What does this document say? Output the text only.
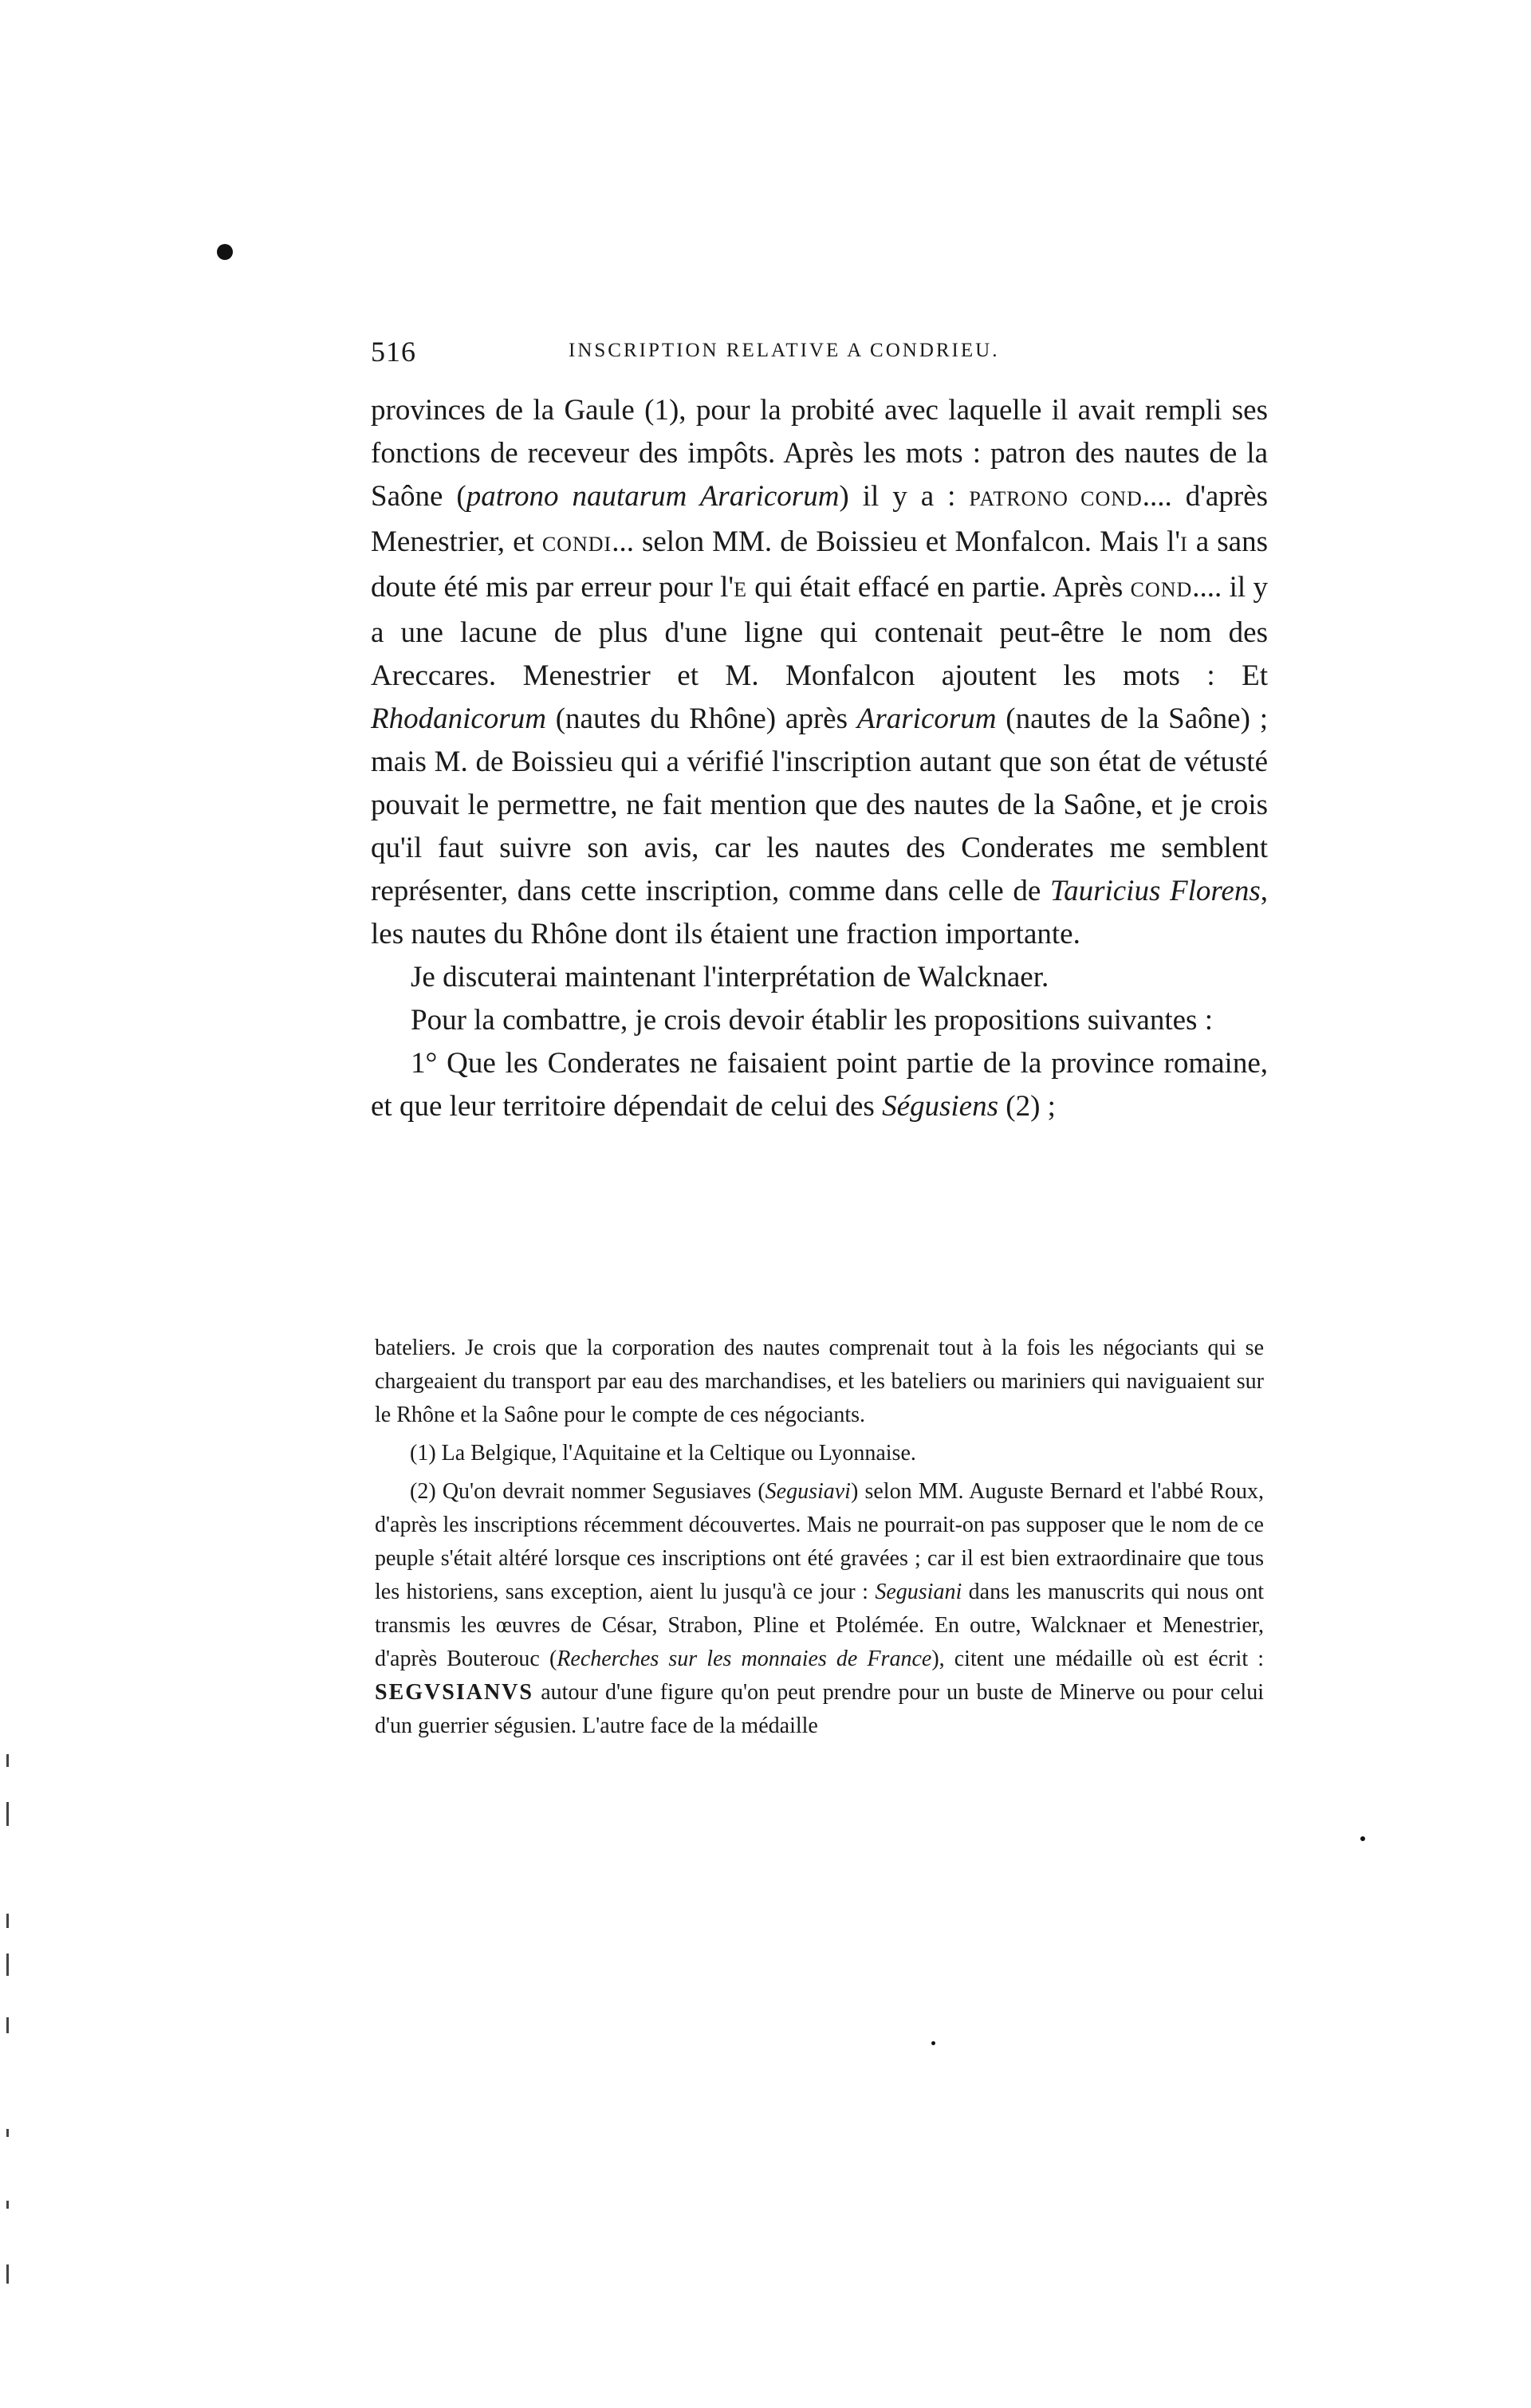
516	INSCRIPTION RELATIVE A CONDRIEU.

provinces de la Gaule (1), pour la probité avec laquelle il avait rempli ses fonctions de receveur des impôts. Après les mots : patron des nautes de la Saône (patrono nautarum Araricorum) il y a : PATRONO COND.... d'après Menestrier, et CONDI... selon MM. de Boissieu et Monfalcon. Mais l'I a sans doute été mis par erreur pour l'E qui était effacé en partie. Après COND.... il y a une lacune de plus d'une ligne qui contenait peut-être le nom des Areccares. Menestrier et M. Monfalcon ajoutent les mots : Et Rhodanicorum (nautes du Rhône) après Araricorum (nautes de la Saône) ; mais M. de Boissieu qui a vérifié l'inscription autant que son état de vétusté pouvait le permettre, ne fait mention que des nautes de la Saône, et je crois qu'il faut suivre son avis, car les nautes des Conderates me semblent représenter, dans cette inscription, comme dans celle de Tauricius Florens, les nautes du Rhône dont ils étaient une fraction importante.

Je discuterai maintenant l'interprétation de Walcknaer.

Pour la combattre, je crois devoir établir les propositions suivantes :

1° Que les Conderates ne faisaient point partie de la province romaine, et que leur territoire dépendait de celui des Ségusiens (2) ;

bateliers. Je crois que la corporation des nautes comprenait tout à la fois les négociants qui se chargeaient du transport par eau des marchandises, et les bateliers ou mariniers qui naviguaient sur le Rhône et la Saône pour le compte de ces négociants.

(1) La Belgique, l'Aquitaine et la Celtique ou Lyonnaise.

(2) Qu'on devrait nommer Segusiaves (Segusiavi) selon MM. Auguste Bernard et l'abbé Roux, d'après les inscriptions récemment découvertes. Mais ne pourrait-on pas supposer que le nom de ce peuple s'était altéré lorsque ces inscriptions ont été gravées ; car il est bien extraordinaire que tous les historiens, sans exception, aient lu jusqu'à ce jour : Segusiani dans les manuscrits qui nous ont transmis les œuvres de César, Strabon, Pline et Ptolémée. En outre, Walcknaer et Menestrier, d'après Bouterouc (Recherches sur les monnaies de France), citent une médaille où est écrit : SEGVSIANVS autour d'une figure qu'on peut prendre pour un buste de Minerve ou pour celui d'un guerrier ségusien. L'autre face de la médaille
